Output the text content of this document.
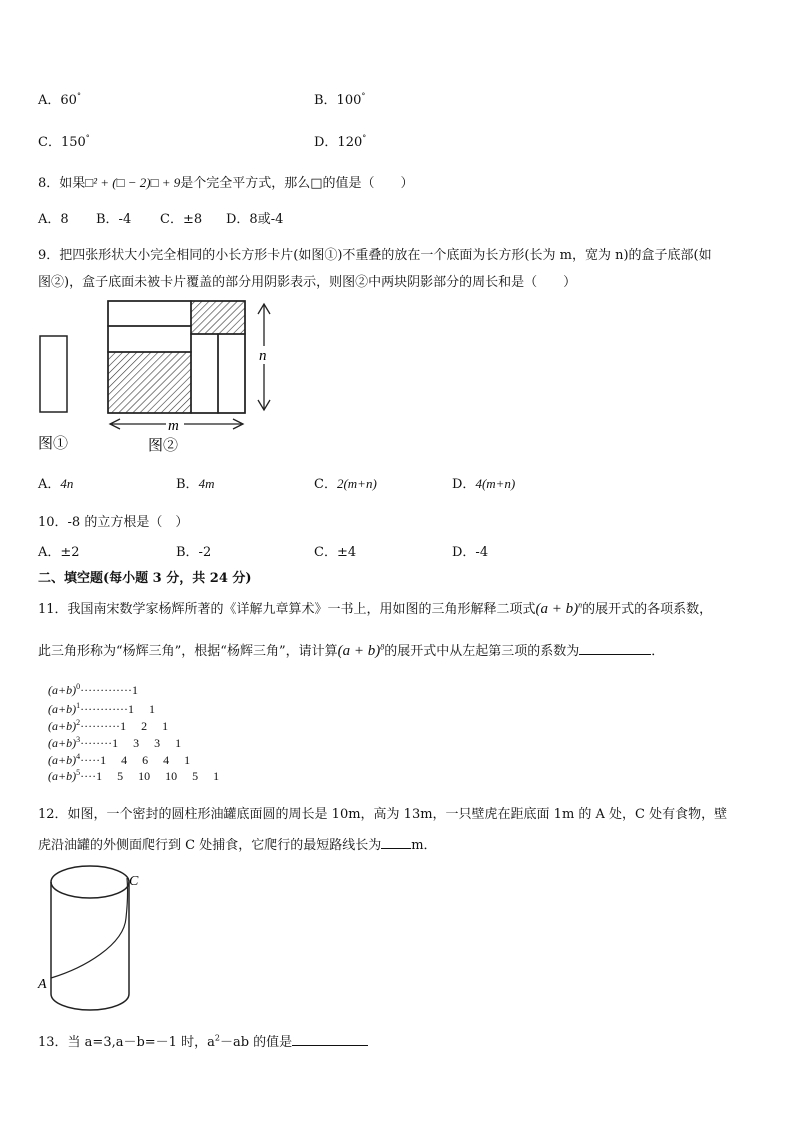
A．60°	B．100°
C．150°	D．120°
8．如果□² + (□ − 2)□ + 9是个完全平方式，那么□的值是（　　）
A．8 B．-4 C．±8 D．8或-4
9．把四张形状大小完全相同的小长方形卡片(如图①)不重叠的放在一个底面为长方形(长为 m，宽为 n)的盒子底部(如
图②)，盒子底面未被卡片覆盖的部分用阴影表示，则图②中两块阴影部分的周长和是（　　）
图①
n
m
图②
A．4n	B．4m	C．2(m+n)	D．4(m+n)
10．-8 的立方根是（　）
A．±2	B．-2	C．±4	D．-4
二、填空题(每小题 3 分，共 24 分)
11．我国南宋数学家杨辉所著的《详解九章算术》一书上，用如图的三角形解释二项式$(a + b)^n$的展开式的各项系数，
此三角形称为“杨辉三角”，根据“杨辉三角”，请计算$(a + b)^8$的展开式中从左起第三项的系数为	．
$(a+b)^0\cdot\cdot\cdot\cdot\cdot\cdot\cdot\cdot\cdot\cdot\cdot\cdot\cdot 1$
$(a+b)^1\cdot\cdot\cdot\cdot\cdot\cdot\cdot\cdot\cdot\cdot\cdot\cdot 1$ 　1
$(a+b)^2\cdot\cdot\cdot\cdot\cdot\cdot\cdot\cdot\cdot\cdot 1$ 　2 　1
$(a+b)^3\cdot\cdot\cdot\cdot\cdot\cdot\cdot\cdot 1$ 　3 　3 　1
$(a+b)^4\cdot\cdot\cdot\cdot\cdot 1$ 　4 　6 　4 　1
$(a+b)^5\cdot\cdot\cdot\cdot 1$ 　5 　10 　10 　5 　1
12．如图，一个密封的圆柱形油罐底面圆的周长是 10m，高为 13m，一只壁虎在距底面 1m 的 A 处，C 处有食物，壁
虎沿油罐的外侧面爬行到 C 处捕食，它爬行的最短路线长为 m．
C
A
13．当 a=3,a－b=－1 时，$a^2-ab$ 的值是
